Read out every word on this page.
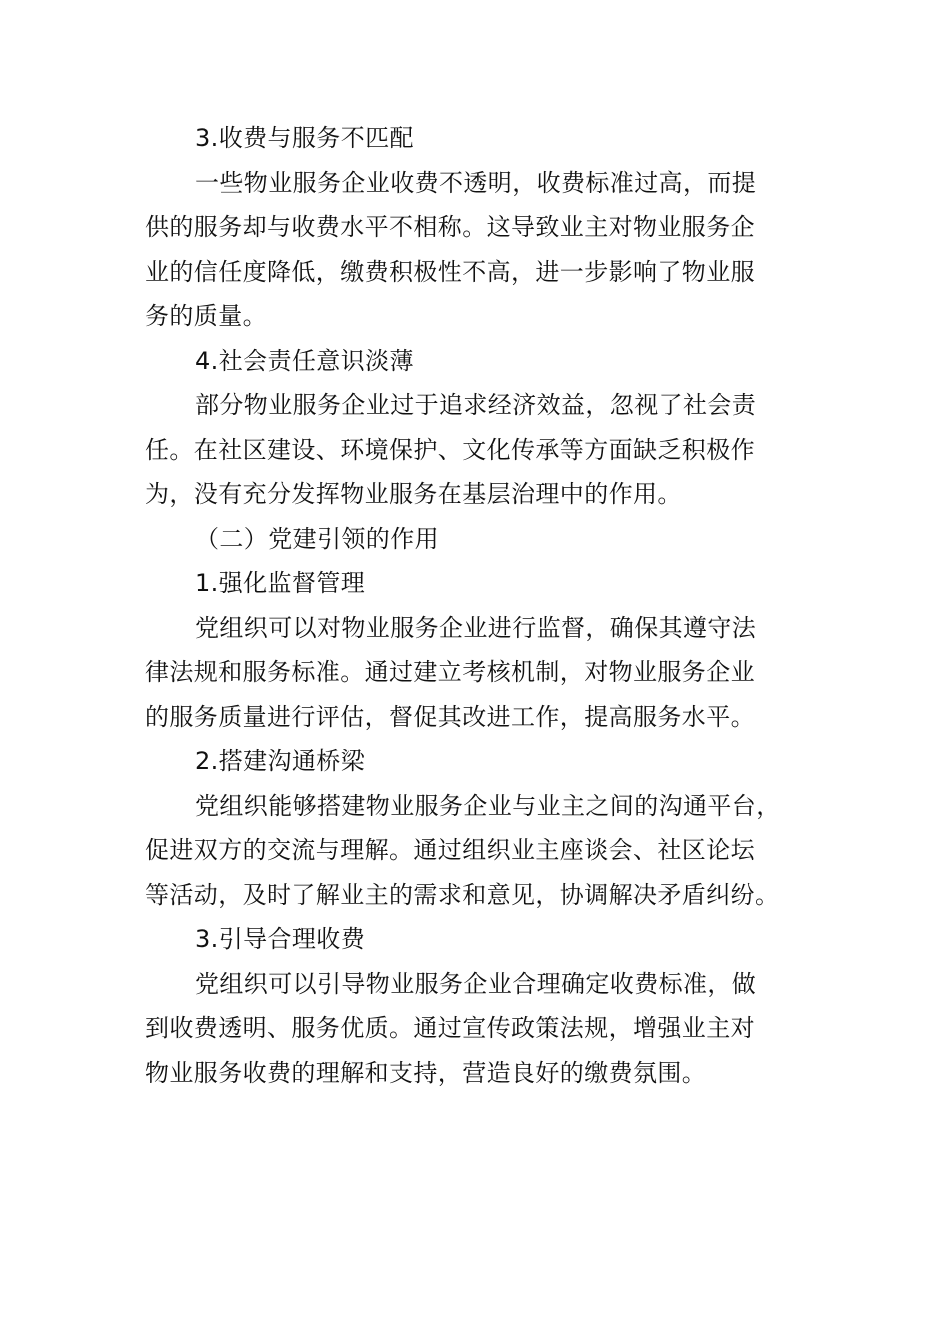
3.收费与服务不匹配
一些物业服务企业收费不透明，收费标准过高，而提
供的服务却与收费水平不相称。这导致业主对物业服务企
业的信任度降低，缴费积极性不高，进一步影响了物业服
务的质量。
4.社会责任意识淡薄
部分物业服务企业过于追求经济效益，忽视了社会责
任。在社区建设、环境保护、文化传承等方面缺乏积极作
为，没有充分发挥物业服务在基层治理中的作用。
（二）党建引领的作用
1.强化监督管理
党组织可以对物业服务企业进行监督，确保其遵守法
律法规和服务标准。通过建立考核机制，对物业服务企业
的服务质量进行评估，督促其改进工作，提高服务水平。
2.搭建沟通桥梁
党组织能够搭建物业服务企业与业主之间的沟通平台，
促进双方的交流与理解。通过组织业主座谈会、社区论坛
等活动，及时了解业主的需求和意见，协调解决矛盾纠纷。
3.引导合理收费
党组织可以引导物业服务企业合理确定收费标准，做
到收费透明、服务优质。通过宣传政策法规，增强业主对
物业服务收费的理解和支持，营造良好的缴费氛围。
